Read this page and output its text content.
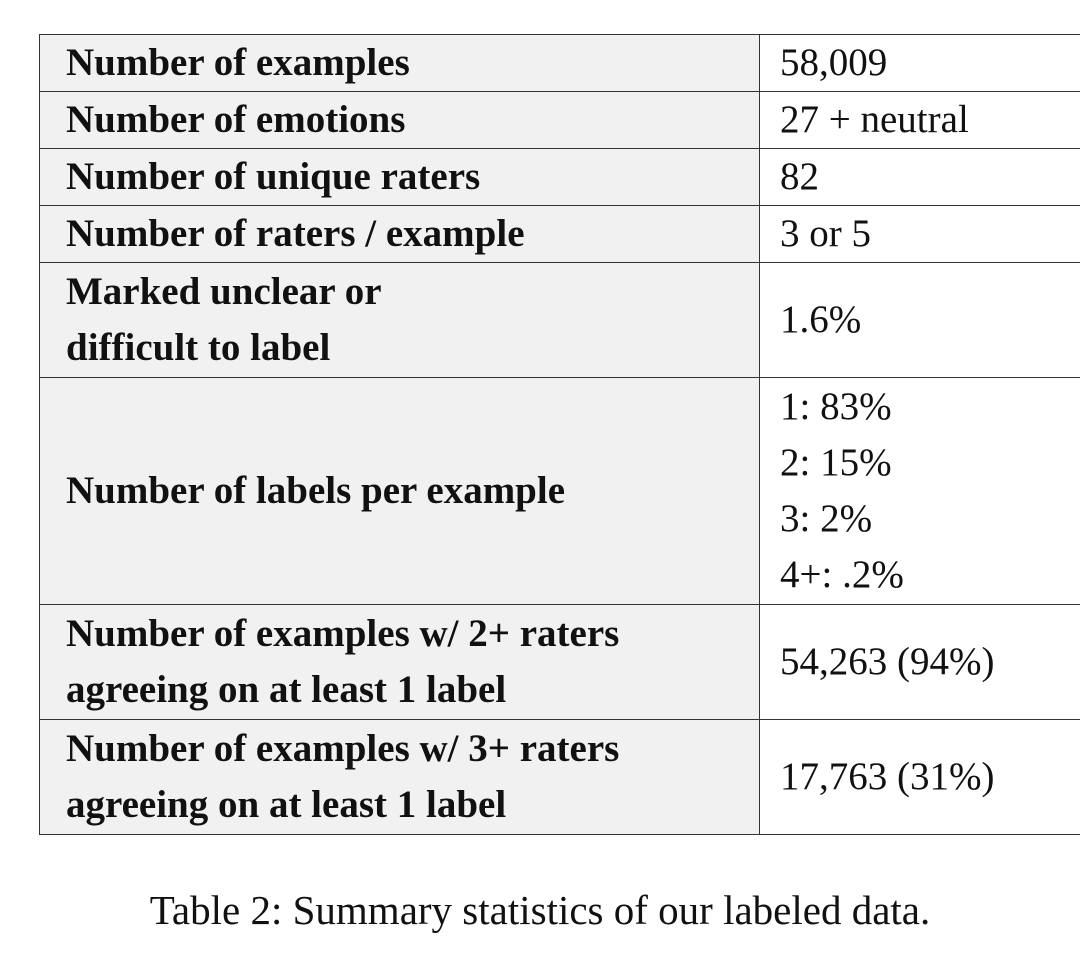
Number of examples	58,009
Number of emotions	27 + neutral
Number of unique raters	82
Number of raters / example	3 or 5

Marked unclear or
difficult to label	1.6%
Number of labels per example	1: 83%
2: 15%
3: 2%
4+: .2%

Number of examples w/ 2+ raters
agreeing on at least 1 label	54,263 (94%)

Number of examples w/ 3+ raters
agreeing on at least 1 label	17,763 (31%)
Table 2: Summary statistics of our labeled data.
